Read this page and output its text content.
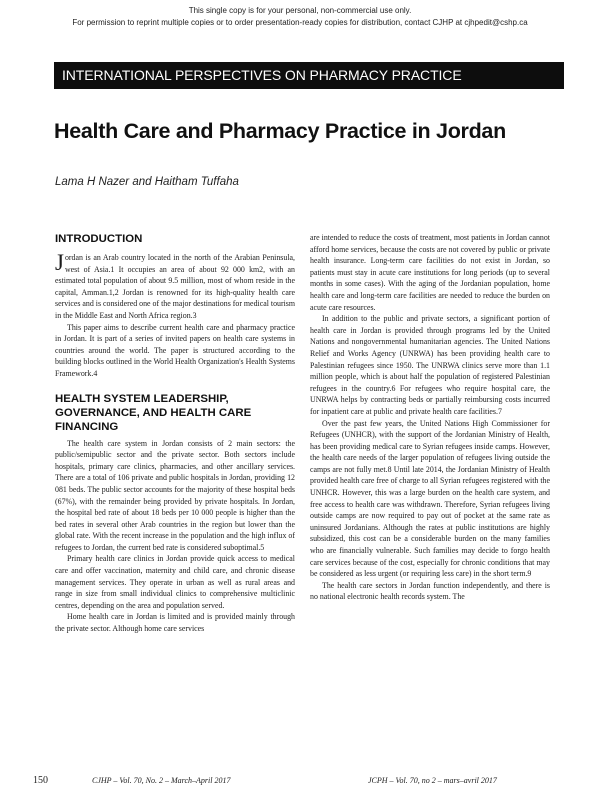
This single copy is for your personal, non-commercial use only.
For permission to reprint multiple copies or to order presentation-ready copies for distribution, contact CJHP at cjhpedit@cshp.ca
INTERNATIONAL PERSPECTIVES ON PHARMACY PRACTICE
Health Care and Pharmacy Practice in Jordan
Lama H Nazer and Haitham Tuffaha
INTRODUCTION

Jordan is an Arab country located in the north of the Arabian Peninsula, west of Asia.1 It occupies an area of about 92 000 km2, with an estimated total population of about 9.5 million, most of whom reside in the capital, Amman.1,2 Jordan is renowned for its high-quality health care services and is considered one of the major destinations for medical tourism in the Middle East and North Africa region.3

This paper aims to describe current health care and pharmacy practice in Jordan. It is part of a series of invited papers on health care systems in countries around the world. The paper is structured according to the building blocks outlined in the World Health Organization's Health Systems Framework.4

HEALTH SYSTEM LEADERSHIP,
GOVERNANCE, AND HEALTH CARE
FINANCING

The health care system in Jordan consists of 2 main sectors: the public/semipublic sector and the private sector. Both sectors include hospitals, primary care clinics, pharmacies, and other ancillary services. There are a total of 106 private and public hospitals in Jordan, providing 12 081 beds. The public sector accounts for the majority of these hospital beds (67%), with the remainder being provided by private hospitals. In Jordan, the hospital bed rate of about 18 beds per 10 000 people is higher than the bed rates in several other Arab countries in the region but lower than the global rate. With the recent increase in the population and the high influx of refugees to Jordan, the current bed rate is considered suboptimal.5

Primary health care clinics in Jordan provide quick access to medical care and offer vaccination, maternity and child care, and chronic disease management services. They operate in urban as well as rural areas and range in size from small individual clinics to comprehensive multiclinic centres, depending on the area and population served.

Home health care in Jordan is limited and is provided mainly through the private sector. Although home care services

are intended to reduce the costs of treatment, most patients in Jordan cannot afford home services, because the costs are not covered by public or private health insurance. Long-term care facilities do not exist in Jordan, so patients must stay in acute care institutions for long periods (up to several months in some cases). With the aging of the Jordanian population, home health care and long-term care facilities are needed to reduce the burden on acute care resources.

In addition to the public and private sectors, a significant portion of health care in Jordan is provided through programs led by the United Nations and nongovernmental humanitarian agencies. The United Nations Relief and Works Agency (UNRWA) has been providing health care to Palestinian refugees since 1950. The UNRWA clinics serve more than 1.1 million people, which is about half the population of registered Palestinian refugees in the country.6 For refugees who require hospital care, the UNRWA helps by contracting beds or partially reimbursing costs incurred for inpatient care at public and private health care facilities.7

Over the past few years, the United Nations High Commissioner for Refugees (UNHCR), with the support of the Jordanian Ministry of Health, has been providing medical care to Syrian refugees inside camps. However, the health care needs of the larger population of refugees living outside the camps are not fully met.8 Until late 2014, the Jordanian Ministry of Health provided health care free of charge to all Syrian refugees registered with the UNHCR. However, this was a large burden on the health care system, and free access to health care was withdrawn. Therefore, Syrian refugees living outside camps are now required to pay out of pocket at the same rate as uninsured Jordanians. Although the rates at public institutions are highly subsidized, this cost can be a considerable burden on the many families who are financially vulnerable. Such families may decide to forgo health care services because of the cost, especially for chronic conditions that may be considered as less urgent (or requiring less care) in the short term.9

The health care sectors in Jordan function independently, and there is no national electronic health records system. The

150	CJHP – Vol. 70, No. 2 – March–April 2017	JCPH – Vol. 70, no 2 – mars–avril 2017
